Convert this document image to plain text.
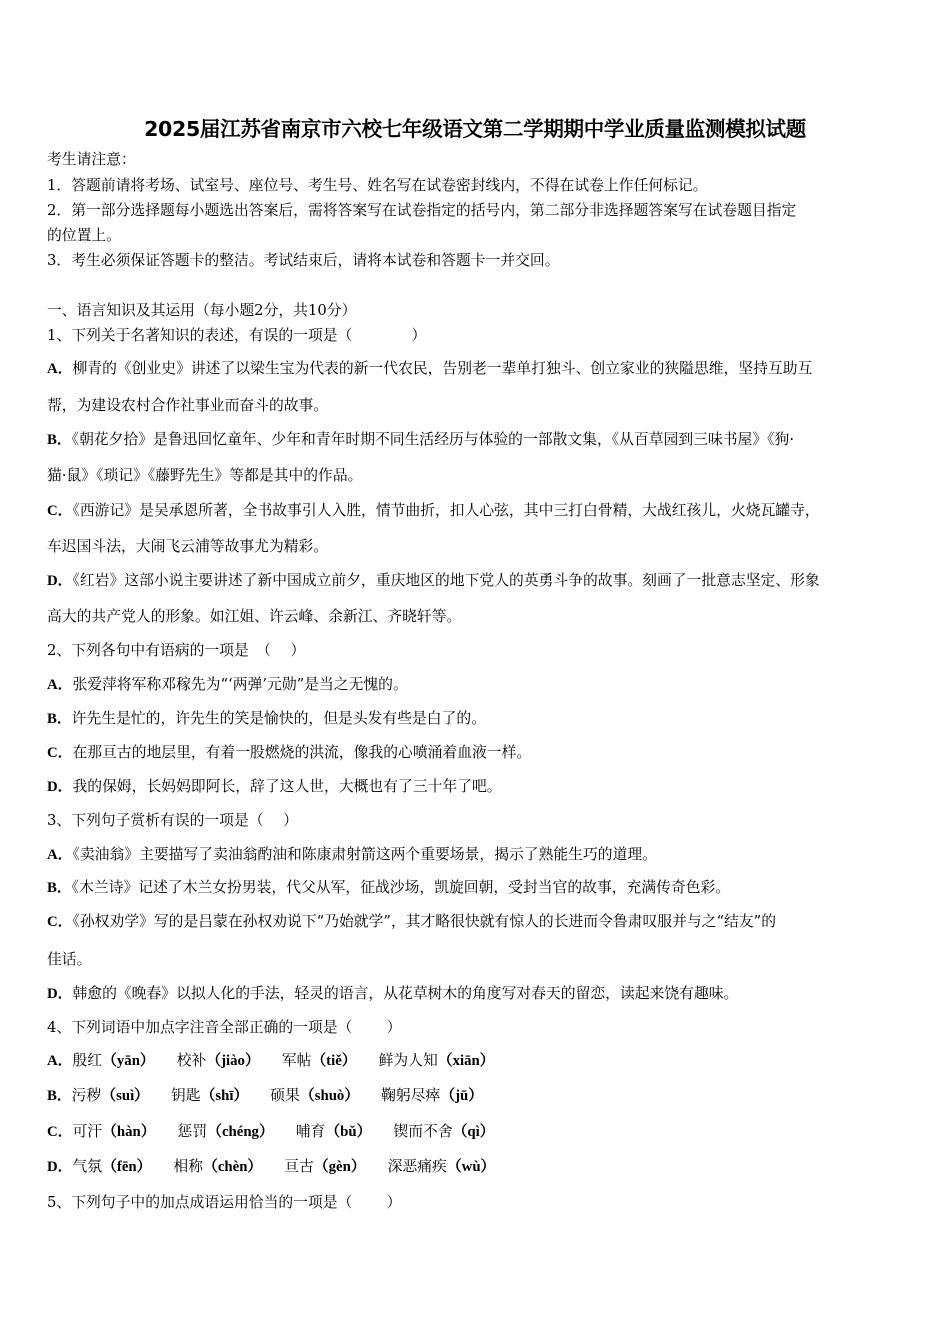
2025届江苏省南京市六校七年级语文第二学期期中学业质量监测模拟试题
考生请注意：
1．答题前请将考场、试室号、座位号、考生号、姓名写在试卷密封线内，不得在试卷上作任何标记。
2．第一部分选择题每小题选出答案后，需将答案写在试卷指定的括号内，第二部分非选择题答案写在试卷题目指定
的位置上。
3．考生必须保证答题卡的整洁。考试结束后，请将本试卷和答题卡一并交回。
一、语言知识及其运用（每小题2分，共10分）
1、下列关于名著知识的表述，有误的一项是（　　　　）
A．柳青的《创业史》讲述了以梁生宝为代表的新一代农民，告别老一辈单打独斗、创立家业的狭隘思维，坚持互助互
帮，为建设农村合作社事业而奋斗的故事。
B．《朝花夕拾》是鲁迅回忆童年、少年和青年时期不同生活经历与体验的一部散文集，《从百草园到三味书屋》《狗·
猫·鼠》《琐记》《藤野先生》等都是其中的作品。
C．《西游记》是吴承恩所著，全书故事引人入胜，情节曲折，扣人心弦，其中三打白骨精，大战红孩儿，火烧瓦罐寺，
车迟国斗法，大闹飞云浦等故事尤为精彩。
D．《红岩》这部小说主要讲述了新中国成立前夕，重庆地区的地下党人的英勇斗争的故事。刻画了一批意志坚定、形象
高大的共产党人的形象。如江姐、许云峰、余新江、齐晓轩等。
2、下列各句中有语病的一项是　（　 ）
A．张爱萍将军称邓稼先为“‘两弹’元勋”是当之无愧的。
B．许先生是忙的，许先生的笑是愉快的，但是头发有些是白了的。
C．在那亘古的地层里，有着一股燃烧的洪流，像我的心喷涌着血液一样。
D．我的保姆，长妈妈即阿长，辞了这人世，大概也有了三十年了吧。
3、下列句子赏析有误的一项是（　 ）
A．《卖油翁》主要描写了卖油翁酌油和陈康肃射箭这两个重要场景，揭示了熟能生巧的道理。
B．《木兰诗》记述了木兰女扮男装，代父从军，征战沙场，凯旋回朝，受封当官的故事，充满传奇色彩。
C．《孙权劝学》写的是吕蒙在孙权劝说下“乃始就学”，其才略很快就有惊人的长进而令鲁肃叹服并与之“结友”的
佳话。
D．韩愈的《晚春》以拟人化的手法，轻灵的语言，从花草树木的角度写对春天的留恋，读起来饶有趣味。
4、下列词语中加点字注音全部正确的一项是（　　 ）
A．殷红（yān） 校补（jiào） 军帖（tiě） 鲜为人知（xiān）
B．污秽（suì） 钥匙（shī） 硕果（shuò） 鞠躬尽瘁（jū）
C．可汗（hàn） 惩罚（chéng） 哺育（bǔ） 锲而不舍（qì）
D．气氛（fēn） 相称（chèn） 亘古（gèn） 深恶痛疾（wù）
5、下列句子中的加点成语运用恰当的一项是（　　 ）
